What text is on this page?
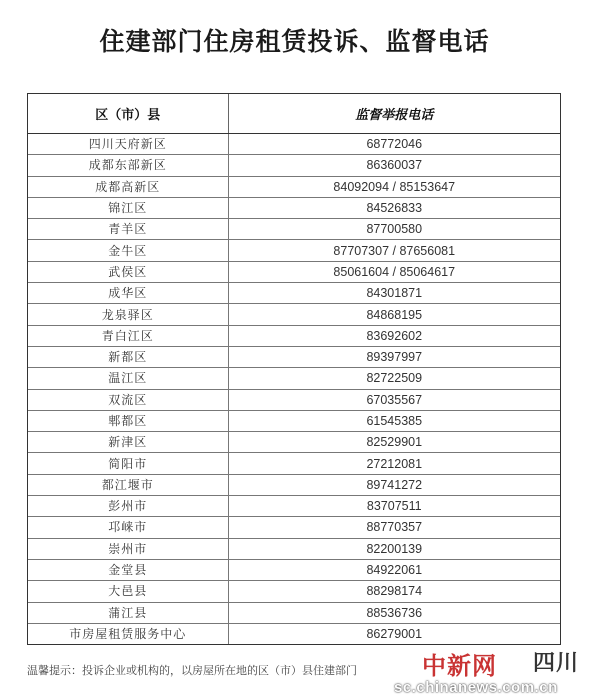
住建部门住房租赁投诉、监督电话
区（市）县	监督举报电话
四川天府新区	68772046
成都东部新区	86360037
成都高新区	84092094 / 85153647
锦江区	84526833
青羊区	87700580
金牛区	87707307 / 87656081
武侯区	85061604 / 85064617
成华区	84301871
龙泉驿区	84868195
青白江区	83692602
新都区	89397997
温江区	82722509
双流区	67035567
郫都区	61545385
新津区	82529901
简阳市	27212081
都江堰市	89741272
彭州市	83707511
邛崃市	88770357
崇州市	82200139
金堂县	84922061
大邑县	88298174
蒲江县	88536736
市房屋租赁服务中心	86279001
温馨提示：投诉企业或机构的，以房屋所在地的区（市）县住建部门	中新网 四川
sc.chinanews.com.cn
